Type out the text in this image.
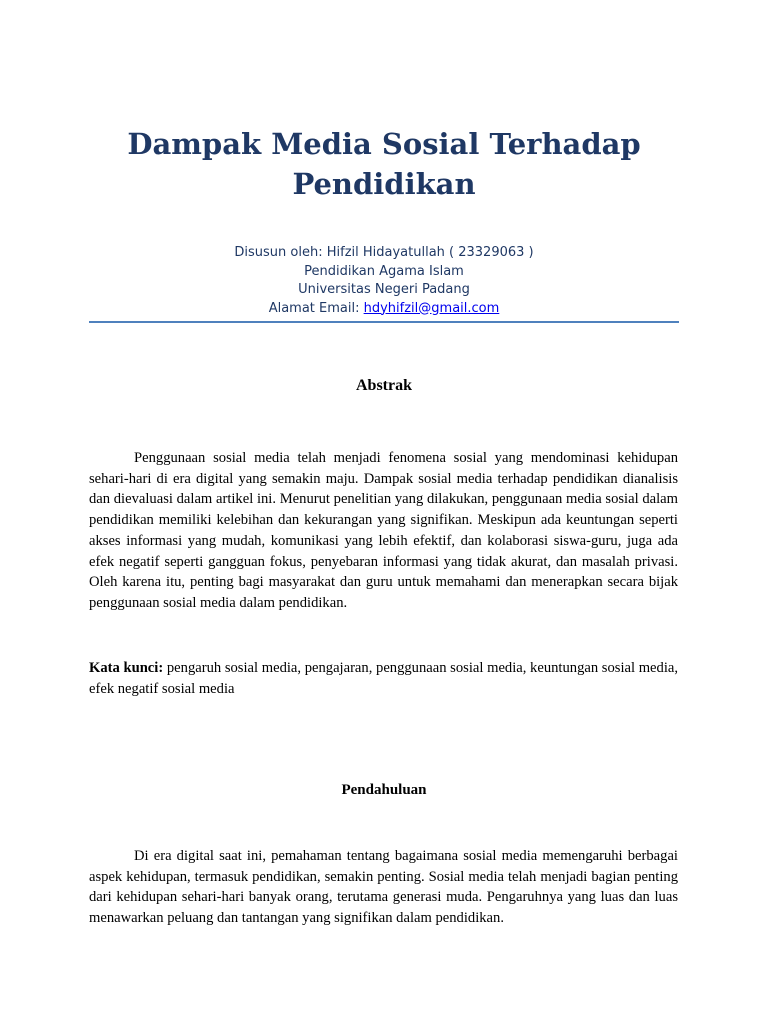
Dampak Media Sosial Terhadap
Pendidikan
Disusun oleh: Hifzil Hidayatullah ( 23329063 )
Pendidikan Agama Islam
Universitas Negeri Padang
Alamat Email: hdyhifzil@gmail.com
Abstrak

Penggunaan sosial media telah menjadi fenomena sosial yang mendominasi kehidupan sehari-hari di era digital yang semakin maju. Dampak sosial media terhadap pendidikan dianalisis dan dievaluasi dalam artikel ini. Menurut penelitian yang dilakukan, penggunaan media sosial dalam pendidikan memiliki kelebihan dan kekurangan yang signifikan. Meskipun ada keuntungan seperti akses informasi yang mudah, komunikasi yang lebih efektif, dan kolaborasi siswa-guru, juga ada efek negatif seperti gangguan fokus, penyebaran informasi yang tidak akurat, dan masalah privasi. Oleh karena itu, penting bagi masyarakat dan guru untuk memahami dan menerapkan secara bijak penggunaan sosial media dalam pendidikan.

Kata kunci: pengaruh sosial media, pengajaran, penggunaan sosial media, keuntungan sosial media, efek negatif sosial media

Pendahuluan

Di era digital saat ini, pemahaman tentang bagaimana sosial media memengaruhi berbagai aspek kehidupan, termasuk pendidikan, semakin penting. Sosial media telah menjadi bagian penting dari kehidupan sehari-hari banyak orang, terutama generasi muda. Pengaruhnya yang luas dan luas menawarkan peluang dan tantangan yang signifikan dalam pendidikan.
